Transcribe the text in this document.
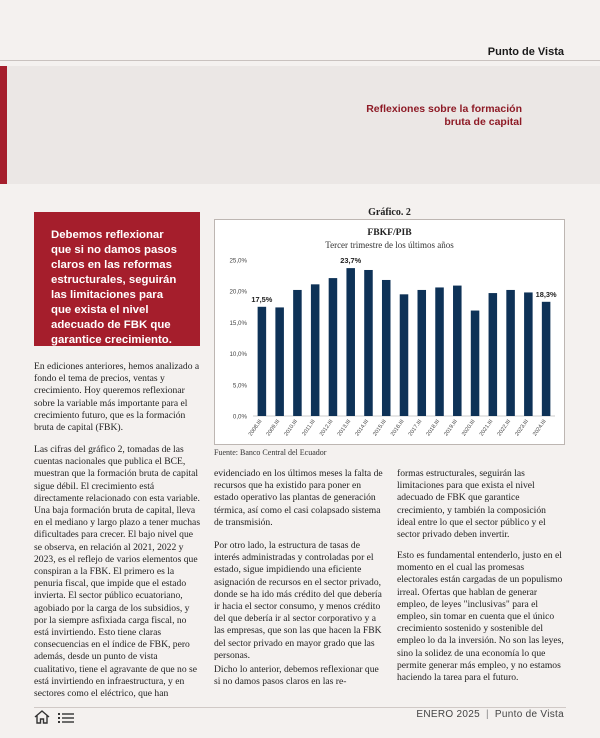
Punto de Vista
Reflexiones sobre la formación bruta de capital
Debemos reflexionar que si no damos pasos claros en las reformas estructurales, seguirán las limitaciones para que exista el nivel adecuado de FBK que garantice crecimiento.

En ediciones anteriores, hemos analizado a fondo el tema de precios, ventas y crecimiento. Hoy queremos reflexionar sobre la variable más importante para el crecimiento futuro, que es la formación bruta de capital (FBK).

Las cifras del gráfico 2, tomadas de las cuentas nacionales que publica el BCE, muestran que la formación bruta de capital sigue débil. El crecimiento está directamente relacionado con esta variable. Una baja formación bruta de capital, lleva en el mediano y largo plazo a tener muchas dificultades para crecer. El bajo nivel que se observa, en relación al 2021, 2022 y 2023, es el reflejo de varios elementos que conspiran a la FBK. El primero es la penuria fiscal, que impide que el estado invierta. El sector público ecuatoriano, agobiado por la carga de los subsidios, y por la siempre asfixiada carga fiscal, no está invirtiendo. Esto tiene claras consecuencias en el índice de FBK, pero además, desde un punto de vista cualitativo, tiene el agravante de que no se está invirtiendo en infraestructura, y en sectores como el eléctrico, que han

evidenciado en los últimos meses la falta de recursos que ha existido para poner en estado operativo las plantas de generación térmica, así como el casi colapsado sistema de transmisión.

Por otro lado, la estructura de tasas de interés administradas y controladas por el estado, sigue impidiendo una eficiente asignación de recursos en el sector privado, donde se ha ido más crédito del que debería ir hacia el sector consumo, y menos crédito del que debería ir al sector corporativo y a las empresas, que son las que hacen la FBK del sector privado en mayor grado que las personas.

Dicho lo anterior, debemos reflexionar que si no damos pasos claros en las re-

formas estructurales, seguirán las limitaciones para que exista el nivel adecuado de FBK que garantice crecimiento, y también la composición ideal entre lo que el sector público y el sector privado deben invertir.

Esto es fundamental entenderlo, justo en el momento en el cual las promesas electorales están cargadas de un populismo irreal. Ofertas que hablan de generar empleo, de leyes "inclusivas" para el empleo, sin tomar en cuenta que el único crecimiento sostenido y sostenible del empleo lo da la inversión. No son las leyes, sino la solidez de una economía lo que permite generar más empleo, y no estamos haciendo la tarea para el futuro.

Gráfico. 2
0,0%
5,0%
10,0%
15,0%
20,0%
25,0%
2008.III 2009.III 2010.III 2011.III 2012.III 2013.III 2014.III 2015.III 2016.III 2017.III 2018.III 2019.III 2020.III 2021.III 2022.III 2023.III 2024.III
17,5%
23,7%
18,3%
FBKF/PIB
Tercer trimestre de los últimos años
Fuente: Banco Central del Ecuador
ENERO 2025 | Punto de Vista
